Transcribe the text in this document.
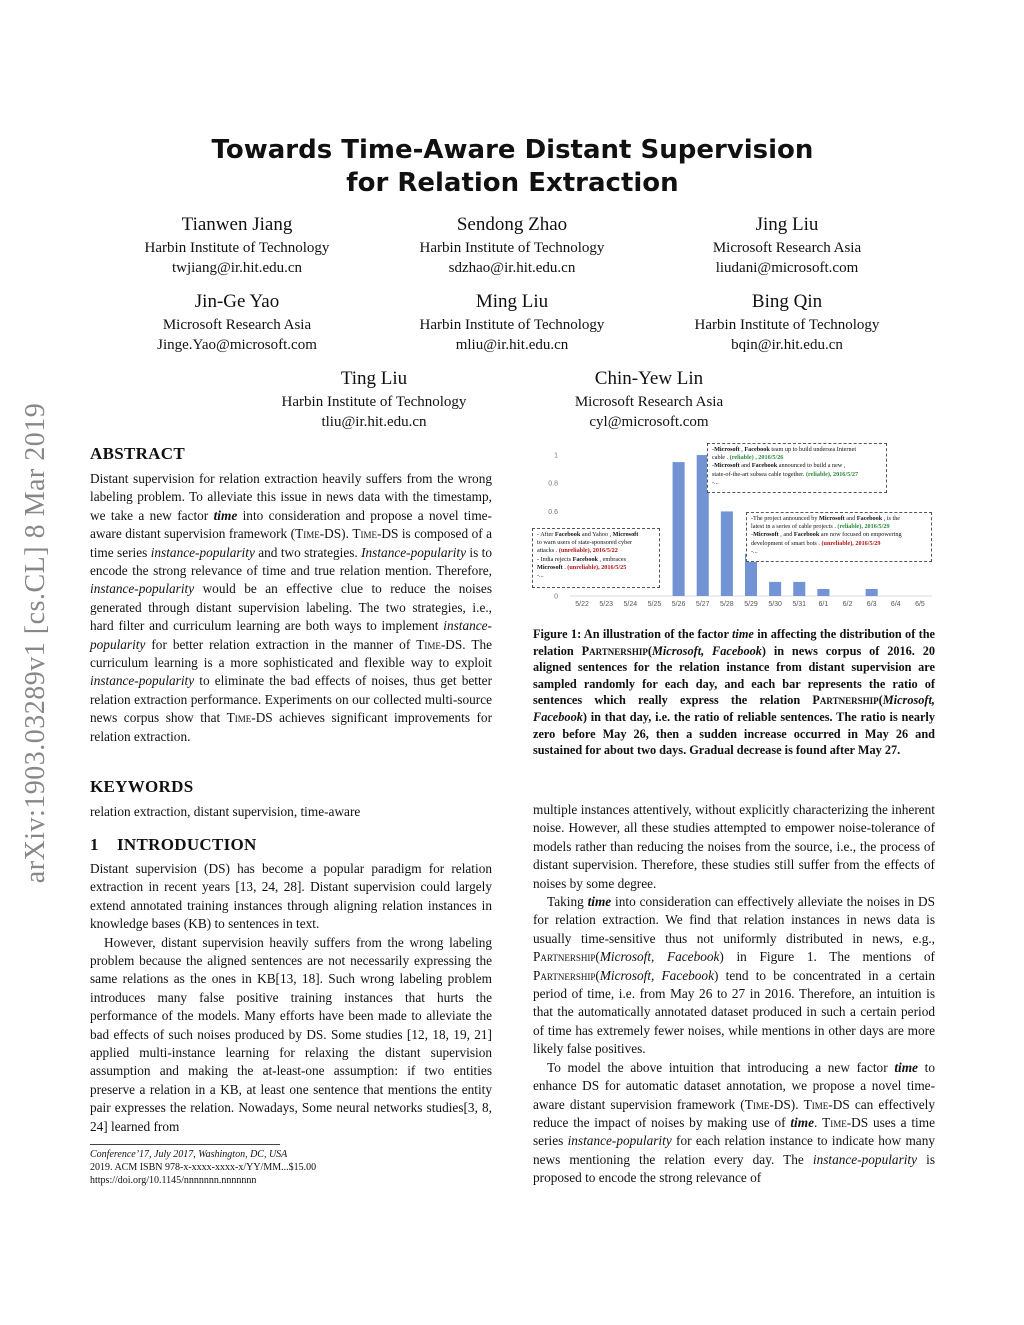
arXiv:1903.03289v1 [cs.CL] 8 Mar 2019
Towards Time-Aware Distant Supervision
for Relation Extraction
Tianwen Jiang
Harbin Institute of Technology
twjiang@ir.hit.edu.cn
Sendong Zhao
Harbin Institute of Technology
sdzhao@ir.hit.edu.cn
Jing Liu
Microsoft Research Asia
liudani@microsoft.com
Jin-Ge Yao
Microsoft Research Asia
Jinge.Yao@microsoft.com
Ming Liu
Harbin Institute of Technology
mliu@ir.hit.edu.cn
Bing Qin
Harbin Institute of Technology
bqin@ir.hit.edu.cn
Ting Liu
Harbin Institute of Technology
tliu@ir.hit.edu.cn
Chin-Yew Lin
Microsoft Research Asia
cyl@microsoft.com
ABSTRACT
Distant supervision for relation extraction heavily suffers from the wrong labeling problem. To alleviate this issue in news data with the timestamp, we take a new factor time into consideration and propose a novel time-aware distant supervision framework (Time-DS). Time-DS is composed of a time series instance-popularity and two strategies. Instance-popularity is to encode the strong relevance of time and true relation mention. Therefore, instance-popularity would be an effective clue to reduce the noises generated through distant supervision labeling. The two strategies, i.e., hard filter and curriculum learning are both ways to implement instance-popularity for better relation extraction in the manner of Time-DS. The curriculum learning is a more sophisticated and flexible way to exploit instance-popularity to eliminate the bad effects of noises, thus get better relation extraction performance. Experiments on our collected multi-source news corpus show that Time-DS achieves significant improvements for relation extraction.
KEYWORDS
relation extraction, distant supervision, time-aware
1 INTRODUCTION
Distant supervision (DS) has become a popular paradigm for relation extraction in recent years [13, 24, 28]. Distant supervision could largely extend annotated training instances through aligning relation instances in knowledge bases (KB) to sentences in text.
However, distant supervision heavily suffers from the wrong labeling problem because the aligned sentences are not necessarily expressing the same relations as the ones in KB[13, 18]. Such wrong labeling problem introduces many false positive training instances that hurts the performance of the models. Many efforts have been made to alleviate the bad effects of such noises produced by DS. Some studies [12, 18, 19, 21] applied multi-instance learning for relaxing the distant supervision assumption and making the at-least-one assumption: if two entities preserve a relation in a KB, at least one sentence that mentions the entity pair expresses the relation. Nowadays, Some neural networks studies[3, 8, 24] learned from
Conference’17, July 2017, Washington, DC, USA
2019. ACM ISBN 978-x-xxxx-xxxx-x/YY/MM...$15.00
https://doi.org/10.1145/nnnnnnn.nnnnnnn
0
0.6
0.8
1
5/22 5/23 5/24 5/25 5/26 5/27 5/28 5/29 5/30 5/31 6/1 6/2 6/3 6/4 6/5
- After Facebook and Yahoo , Microsoft
to warn users of state-sponsored cyber
attacks . (unreliable), 2016/5/22
- India rejects Facebook , embraces
Microsoft . (unreliable), 2016/5/25
-...
-Microsoft , Facebook team up to build undersea Internet
cable . (reliable) , 2016/5/26
-Microsoft and Facebook announced to build a new ,
state-of-the-art subsea cable together. (reliable), 2016/5/27
-...
-The project announced by Microsoft and Facebook , is the
latest in a series of cable projects . (reliable), 2016/5/29
-Microsoft , and Facebook are now focused on empowering
development of smart bots . (unreliable), 2016/5/29
-...
Figure 1: An illustration of the factor time in affecting the distribution of the relation Partnership(Microsoft, Facebook) in news corpus of 2016. 20 aligned sentences for the relation instance from distant supervision are sampled randomly for each day, and each bar represents the ratio of sentences which really express the relation Partnership(Microsoft, Facebook) in that day, i.e. the ratio of reliable sentences. The ratio is nearly zero before May 26, then a sudden increase occurred in May 26 and sustained for about two days. Gradual decrease is found after May 27.
multiple instances attentively, without explicitly characterizing the inherent noise. However, all these studies attempted to empower noise-tolerance of models rather than reducing the noises from the source, i.e., the process of distant supervision. Therefore, these studies still suffer from the effects of noises by some degree.
Taking time into consideration can effectively alleviate the noises in DS for relation extraction. We find that relation instances in news data is usually time-sensitive thus not uniformly distributed in news, e.g., Partnership(Microsoft, Facebook) in Figure 1. The mentions of Partnership(Microsoft, Facebook) tend to be concentrated in a certain period of time, i.e. from May 26 to 27 in 2016. Therefore, an intuition is that the automatically annotated dataset produced in such a certain period of time has extremely fewer noises, while mentions in other days are more likely false positives.
To model the above intuition that introducing a new factor time to enhance DS for automatic dataset annotation, we propose a novel time-aware distant supervision framework (Time-DS). Time-DS can effectively reduce the impact of noises by making use of time. Time-DS uses a time series instance-popularity for each relation instance to indicate how many news mentioning the relation every day. The instance-popularity is proposed to encode the strong relevance of
